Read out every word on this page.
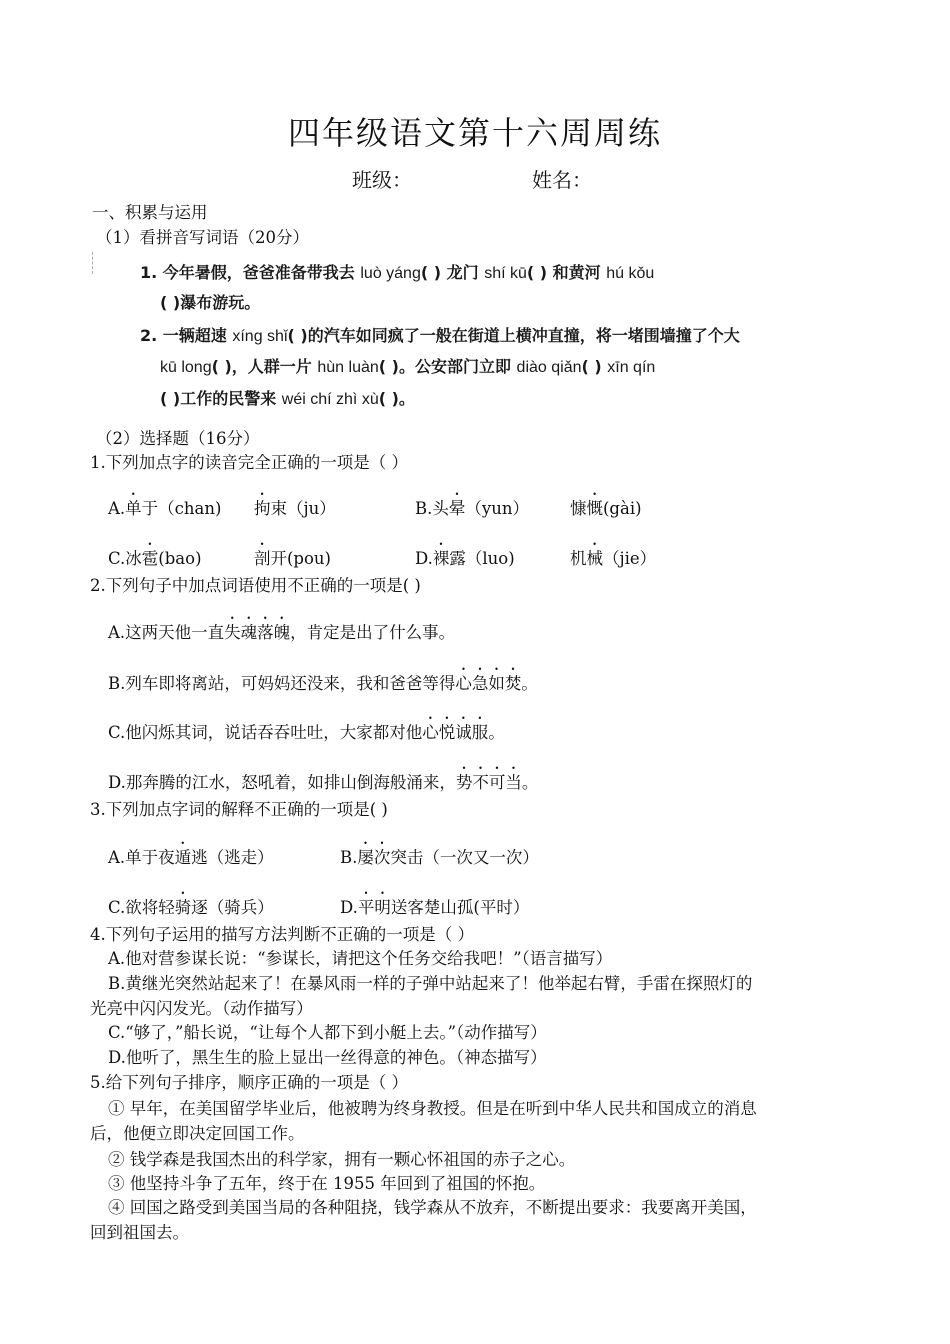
四年级语文第十六周周练
班级：	姓名：
一、积累与运用
（1）看拼音写词语（20分）
1. 今年暑假，爸爸准备带我去 luò yáng( ) 龙门 shí kū( ) 和黄河 hú kǒu
( )瀑布游玩。
2. 一辆超速 xíng shǐ( )的汽车如同疯了一般在街道上横冲直撞，将一堵围墙撞了个大
kū long( )，人群一片 hùn luàn( )。公安部门立即 diào qiǎn( ) xīn qín
( )工作的民警来 wéi chí zhì xù( )。
（2）选择题（16分）
1.下列加点字的读音完全正确的一项是（ ）
A.单于（chan) 拘束（ju）	B.头晕（yun） 慷慨(gài)
C.冰雹(bao)	剖开(pou)	D.裸露（luo)	机械（jie）
2.下列句子中加点词语使用不正确的一项是( )
A.这两天他一直失魂落魄，肯定是出了什么事。
B.列车即将离站，可妈妈还没来，我和爸爸等得心急如焚。
C.他闪烁其词，说话吞吞吐吐，大家都对他心悦诚服。
D.那奔腾的江水，怒吼着，如排山倒海般涌来，势不可当。
3.下列加点字词的解释不正确的一项是( )
A.单于夜遁逃（逃走）	B.屡次突击（一次又一次）
C.欲将轻骑逐（骑兵）	D.平明送客楚山孤(平时）
4.下列句子运用的描写方法判断不正确的一项是（ ）
A.他对营参谋长说：“参谋长，请把这个任务交给我吧！”（语言描写）
B.黄继光突然站起来了！在暴风雨一样的子弹中站起来了！他举起右臂，手雷在探照灯的
光亮中闪闪发光。（动作描写）
C.“够了，”船长说，“让每个人都下到小艇上去。”（动作描写）
D.他听了，黑生生的脸上显出一丝得意的神色。（神态描写）
5.给下列句子排序，顺序正确的一项是（ ）
① 早年，在美国留学毕业后，他被聘为终身教授。但是在听到中华人民共和国成立的消息
后，他便立即决定回国工作。
② 钱学森是我国杰出的科学家，拥有一颗心怀祖国的赤子之心。
③ 他坚持斗争了五年，终于在 1955 年回到了祖国的怀抱。
④ 回国之路受到美国当局的各种阻挠，钱学森从不放弃，不断提出要求：我要离开美国，
回到祖国去。
